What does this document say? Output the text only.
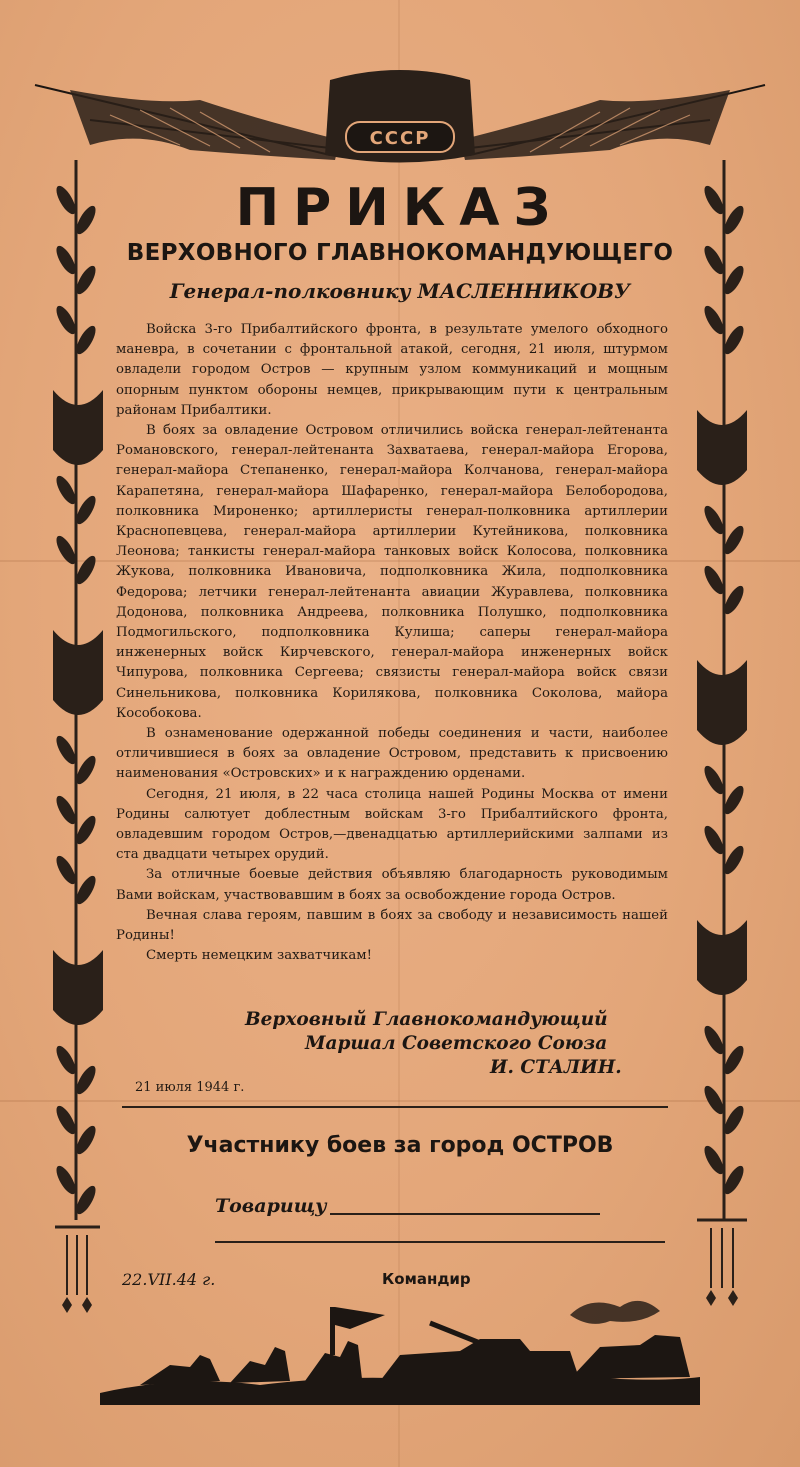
СССР
ПРИКАЗ
ВЕРХОВНОГО ГЛАВНОКОМАНДУЮЩЕГО

Генерал-полковнику МАСЛЕННИКОВУ

Войска 3-го Прибалтийского фронта, в результате умелого обходного маневра, в сочетании с фронтальной атакой, сегодня, 21 июля, штурмом овладели городом Остров — крупным узлом коммуникаций и мощным опорным пунктом обороны немцев, прикрывающим пути к центральным районам Прибалтики.

В боях за овладение Островом отличились войска генерал-лейтенанта Романовского, генерал-лейтенанта Захватаева, генерал-майора Егорова, генерал-майора Степаненко, генерал-майора Колчанова, генерал-майора Карапетяна, генерал-майора Шафаренко, генерал-майора Белобородова, полковника Мироненко; артиллеристы генерал-полковника артиллерии Краснопевцева, генерал-майора артиллерии Кутейникова, полковника Леонова; танкисты генерал-майора танковых войск Колосова, полковника Жукова, полковника Ивановича, подполковника Жила, подполковника Федорова; летчики генерал-лейтенанта авиации Журавлева, полковника Додонова, полковника Андреева, полковника Полушко, подполковника Подмогильского, подполковника Кулиша; саперы генерал-майора инженерных войск Кирчевского, генерал-майора инженерных войск Чипурова, полковника Сергеева; связисты генерал-майора войск связи Синельникова, полковника Корилякова, полковника Соколова, майора Кособокова.

В ознаменование одержанной победы соединения и части, наиболее отличившиеся в боях за овладение Островом, представить к присвоению наименования «Островских» и к награждению орденами.

Сегодня, 21 июля, в 22 часа столица нашей Родины Москва от имени Родины салютует доблестным войскам 3-го Прибалтийского фронта, овладевшим городом Остров,—двенадцатью артиллерийскими залпами из ста двадцати четырех орудий.

За отличные боевые действия объявляю благодарность руководимым Вами войскам, участвовавшим в боях за освобождение города Остров.

Вечная слава героям, павшим в боях за свободу и независимость нашей Родины!

Смерть немецким захватчикам!

Верховный Главнокомандующий
Маршал Советского Союза
И. СТАЛИН.
21 июля 1944 г.
Участнику боев за город ОСТРОВ
Товарищу
22.VII.44 г.	Командир
